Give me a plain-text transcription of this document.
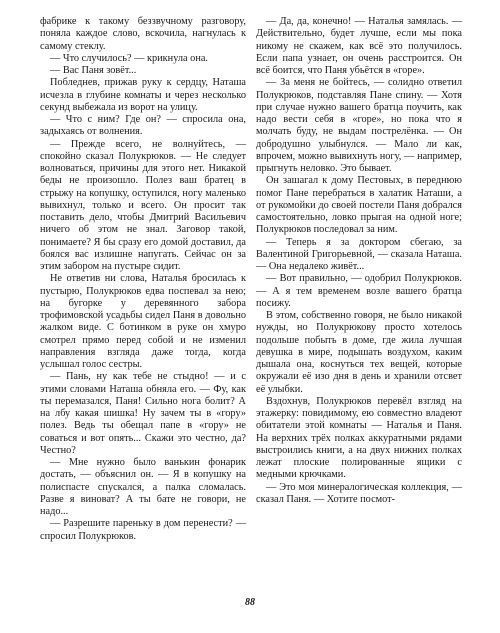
фабрике к такому беззвучному разговору, поняла каждое слово, вскочила, нагнулась к самому стеклу.

— Что случилось? — крикнула она.

— Вас Паня зовёт...

Побледнев, прижав руку к сердцу, Наташа исчезла в глубине комнаты и через несколько секунд выбежала из ворот на улицу.

— Что с ним? Где он? — спросила она, задыхаясь от волнения.

— Прежде всего, не волнуйтесь, — спокойно сказал Полукрюков. — Не следует волноваться, причины для этого нет. Никакой беды не произошло. Полез ваш братец в стрыжу на копушку, оступился, ногу маленько вывихнул, только и всего. Он просит так поставить дело, чтобы Дмитрий Васильевич ничего об этом не знал. Заговор такой, понимаете? Я бы сразу его домой доставил, да боялся вас излишне напугать. Сейчас он за этим забором на пустыре сидит.

Не ответив ни слова, Наталья бросилась к пустырю, Полукрюков едва поспевал за нею; на бугорке у деревянного забора трофимовской усадьбы сидел Паня в довольно жалком виде. С ботинком в руке он хмуро смотрел прямо перед собой и не изменил направления взгляда даже тогда, когда услышал голос сестры.

— Пань, ну как тебе не стыдно! — и с этими словами Наташа обняла его. — Фу, как ты перемазался, Паня! Сильно нога болит? А на лбу какая шишка! Ну зачем ты в «гору» полез. Ведь ты обещал папе в «гору» не соваться и вот опять... Скажи это честно, да? Честно?

— Мне нужно было ванькин фонарик достать, — объяснил он. — Я в копушку на полиспасте спускался, а палка сломалась. Разве я виноват? А ты бате не говори, не надо...

— Разрешите пареньку в дом перенести? — спросил Полукрюков.

— Да, да, конечно! — Наталья замялась. — Действительно, будет лучше, если мы пока никому не скажем, как всё это получилось. Если папа узнает, он очень расстроится. Он всё боится, что Паня убьётся в «горе».

— За меня не бойтесь, — солидно ответил Полукрюков, подставляя Пане спину. — Хотя при случае нужно вашего братца поучить, как надо вести себя в «горе», но пока что я молчать буду, не выдам пострелёнка. — Он добродушно улыбнулся. — Мало ли как, впрочем, можно вывихнуть ногу, — например, прыгнуть неловко. Это бывает.

Он зашагал к дому Пестовых, в переднюю помог Пане перебраться в халатик Наташи, а от рукомойки до своей постели Паня добрался самостоятельно, ловко прыгая на одной ноге; Полукрюков последовал за ним.

— Теперь я за доктором сбегаю, за Валентиной Григорьевной, — сказала Наташа. — Она недалеко живёт...

— Вот правильно, — одобрил Полукрюков. — А я тем временем возле вашего братца посижу.

В этом, собственно говоря, не было никакой нужды, но Полукрюкову просто хотелось подольше побыть в доме, где жила лучшая девушка в мире, подышать воздухом, каким дышала она, коснуться тех вещей, которые окружали её изо дня в день и хранили отсвет её улыбки.

Вздохнув, Полукрюков перевёл взгляд на этажерку: повидимому, ею совместно владеют обитатели этой комнаты — Наталья и Паня. На верхних трёх полках аккуратными рядами выстроились книги, а на двух нижних полках лежат плоские полированные ящики с медными крючками.

— Это моя минералогическая коллекция, — сказал Паня. — Хотите посмот-

88
